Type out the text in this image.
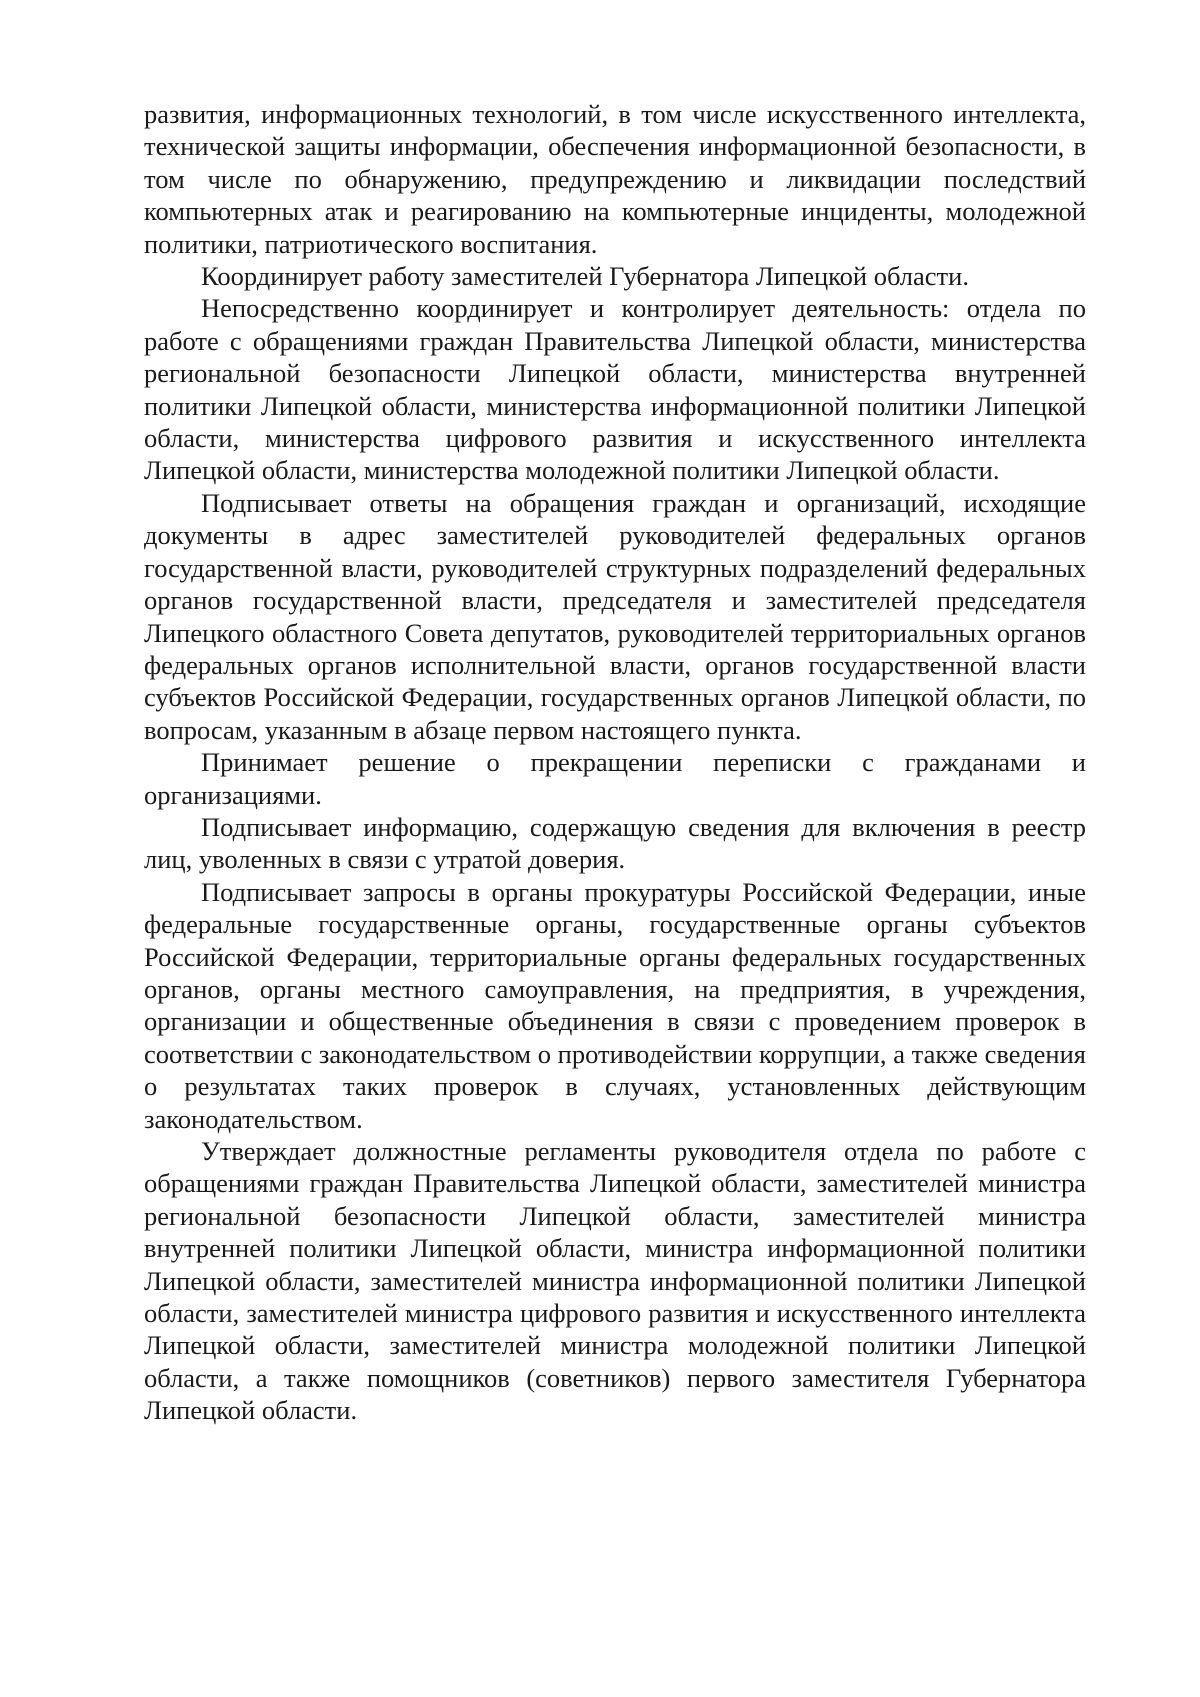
развития, информационных технологий, в том числе искусственного интеллекта, технической защиты информации, обеспечения информационной безопасности, в том числе по обнаружению, предупреждению и ликвидации последствий компьютерных атак и реагированию на компьютерные инциденты, молодежной политики, патриотического воспитания.

Координирует работу заместителей Губернатора Липецкой области.

Непосредственно координирует и контролирует деятельность: отдела по работе с обращениями граждан Правительства Липецкой области, министерства региональной безопасности Липецкой области, министерства внутренней политики Липецкой области, министерства информационной политики Липецкой области, министерства цифрового развития и искусственного интеллекта Липецкой области, министерства молодежной политики Липецкой области.

Подписывает ответы на обращения граждан и организаций, исходящие документы в адрес заместителей руководителей федеральных органов государственной власти, руководителей структурных подразделений федеральных органов государственной власти, председателя и заместителей председателя Липецкого областного Совета депутатов, руководителей территориальных органов федеральных органов исполнительной власти, органов государственной власти субъектов Российской Федерации, государственных органов Липецкой области, по вопросам, указанным в абзаце первом настоящего пункта.

Принимает решение о прекращении переписки с гражданами и организациями.

Подписывает информацию, содержащую сведения для включения в реестр лиц, уволенных в связи с утратой доверия.

Подписывает запросы в органы прокуратуры Российской Федерации, иные федеральные государственные органы, государственные органы субъектов Российской Федерации, территориальные органы федеральных государственных органов, органы местного самоуправления, на предприятия, в учреждения, организации и общественные объединения в связи с проведением проверок в соответствии с законодательством о противодействии коррупции, а также сведения о результатах таких проверок в случаях, установленных действующим законодательством.

Утверждает должностные регламенты руководителя отдела по работе с обращениями граждан Правительства Липецкой области, заместителей министра региональной безопасности Липецкой области, заместителей министра внутренней политики Липецкой области, министра информационной политики Липецкой области, заместителей министра информационной политики Липецкой области, заместителей министра цифрового развития и искусственного интеллекта Липецкой области, заместителей министра молодежной политики Липецкой области, а также помощников (советников) первого заместителя Губернатора Липецкой области.
